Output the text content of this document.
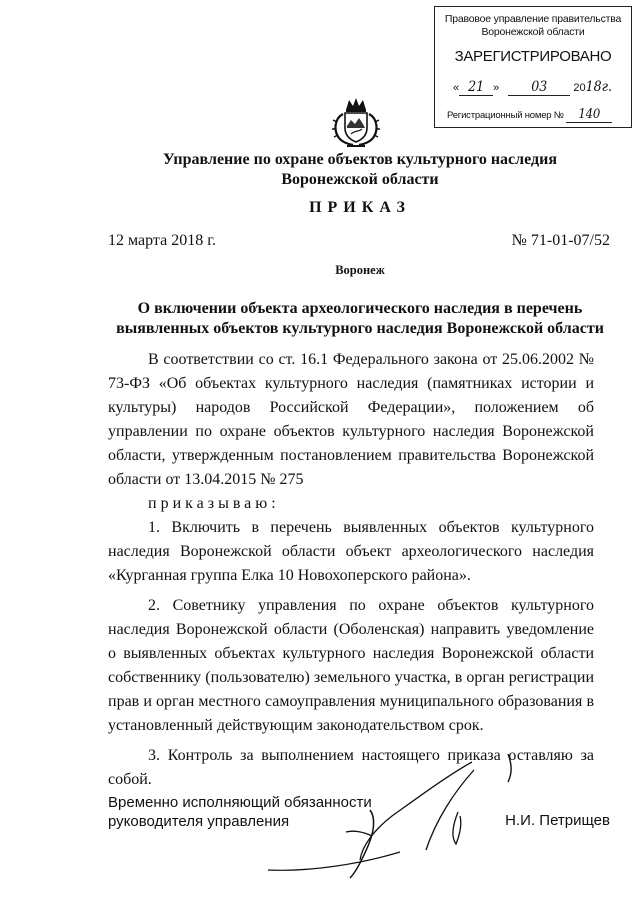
Правовое управление правительства
Воронежской области
ЗАРЕГИСТРИРОВАНО
« 21 » 03 2018г.
Регистрационный номер № 140
Управление по охране объектов культурного наследия
Воронежской области
ПРИКАЗ
12 марта 2018 г.	№ 71-01-07/52
Воронеж
О включении объекта археологического наследия в перечень
выявленных объектов культурного наследия Воронежской области

В соответствии со ст. 16.1 Федерального закона от 25.06.2002 № 73-ФЗ «Об объектах культурного наследия (памятниках истории и культуры) народов Российской Федерации», положением об управлении по охране объектов культурного наследия Воронежской области, утвержденным постановлением правительства Воронежской области от 13.04.2015 № 275

приказываю:

1. Включить в перечень выявленных объектов культурного наследия Воронежской области объект археологического наследия «Курганная группа Елка 10 Новохоперского района».

2. Советнику управления по охране объектов культурного наследия Воронежской области (Оболенская) направить уведомление о выявленных объектах культурного наследия Воронежской области собственнику (пользователю) земельного участка, в орган регистрации прав и орган местного самоуправления муниципального образования в установленный действующим законодательством срок.

3. Контроль за выполнением настоящего приказа оставляю за собой.

Временно исполняющий обязанности
руководителя управления	Н.И. Петрищев
